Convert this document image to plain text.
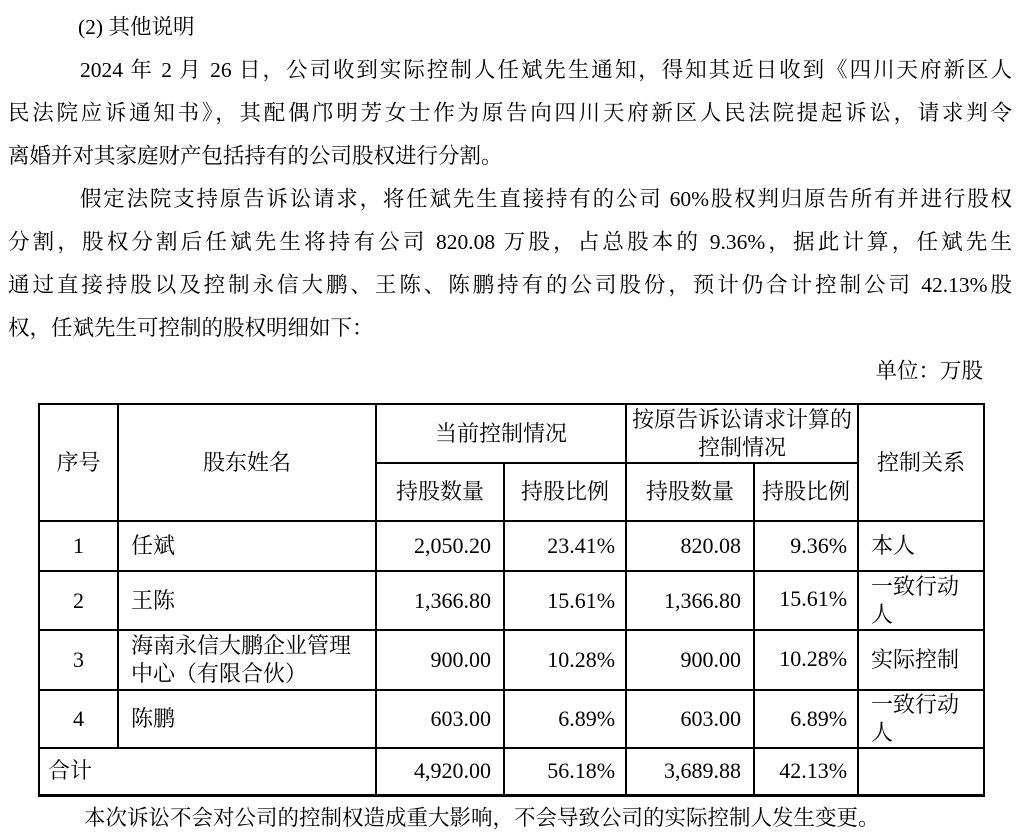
(2) 其他说明
2024 年 2 月 26 日，公司收到实际控制人任斌先生通知，得知其近日收到《四川天府新区人
民法院应诉通知书》，其配偶邝明芳女士作为原告向四川天府新区人民法院提起诉讼，请求判令
离婚并对其家庭财产包括持有的公司股权进行分割。
假定法院支持原告诉讼请求，将任斌先生直接持有的公司 60%股权判归原告所有并进行股权
分割，股权分割后任斌先生将持有公司 820.08 万股，占总股本的 9.36%，据此计算，任斌先生
通过直接持股以及控制永信大鹏、王陈、陈鹏持有的公司股份，预计仍合计控制公司 42.13%股
权，任斌先生可控制的股权明细如下：
单位：万股
序号	股东姓名	当前控制情况		按原告诉讼请求计算的控制情况		控制关系
		持股数量	持股比例	持股数量	持股比例	
1	任斌	2,050.20	23.41%	820.08	9.36%	本人
2	王陈	1,366.80	15.61%	1,366.80	15.61%	一致行动人
3	海南永信大鹏企业管理中心（有限合伙）	900.00	10.28%	900.00	10.28%	实际控制
4	陈鹏	603.00	6.89%	603.00	6.89%	一致行动人
合计		4,920.00	56.18%	3,689.88	42.13%	
本次诉讼不会对公司的控制权造成重大影响，不会导致公司的实际控制人发生变更。
